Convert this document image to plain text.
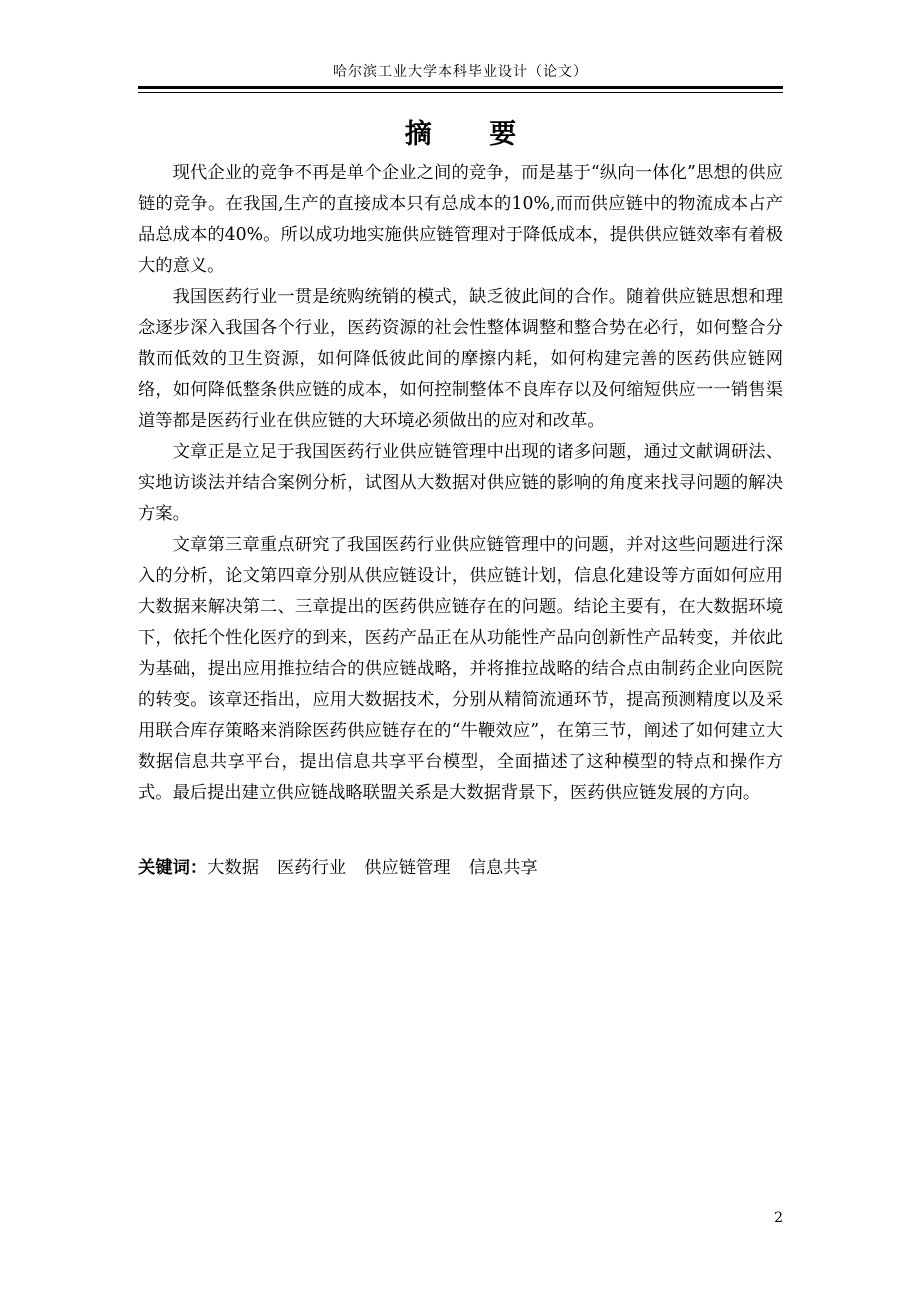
哈尔滨工业大学本科毕业设计（论文）
摘 要

现代企业的竞争不再是单个企业之间的竞争，而是基于“纵向一体化”思想的供应链的竞争。在我国,生产的直接成本只有总成本的10%,而而供应链中的物流成本占产品总成本的40%。所以成功地实施供应链管理对于降低成本，提供供应链效率有着极大的意义。

我国医药行业一贯是统购统销的模式，缺乏彼此间的合作。随着供应链思想和理念逐步深入我国各个行业，医药资源的社会性整体调整和整合势在必行，如何整合分散而低效的卫生资源，如何降低彼此间的摩擦内耗，如何构建完善的医药供应链网络，如何降低整条供应链的成本，如何控制整体不良库存以及何缩短供应一一销售渠道等都是医药行业在供应链的大环境必须做出的应对和改革。

文章正是立足于我国医药行业供应链管理中出现的诸多问题，通过文献调研法、实地访谈法并结合案例分析，试图从大数据对供应链的影响的角度来找寻问题的解决方案。

文章第三章重点研究了我国医药行业供应链管理中的问题，并对这些问题进行深入的分析，论文第四章分别从供应链设计，供应链计划，信息化建设等方面如何应用大数据来解决第二、三章提出的医药供应链存在的问题。结论主要有，在大数据环境下，依托个性化医疗的到来，医药产品正在从功能性产品向创新性产品转变，并依此为基础，提出应用推拉结合的供应链战略，并将推拉战略的结合点由制药企业向医院的转变。该章还指出，应用大数据技术，分别从精简流通环节，提高预测精度以及采用联合库存策略来消除医药供应链存在的“牛鞭效应”，在第三节，阐述了如何建立大数据信息共享平台，提出信息共享平台模型，全面描述了这种模型的特点和操作方式。最后提出建立供应链战略联盟关系是大数据背景下，医药供应链发展的方向。

关键词：大数据 医药行业 供应链管理 信息共享
2
